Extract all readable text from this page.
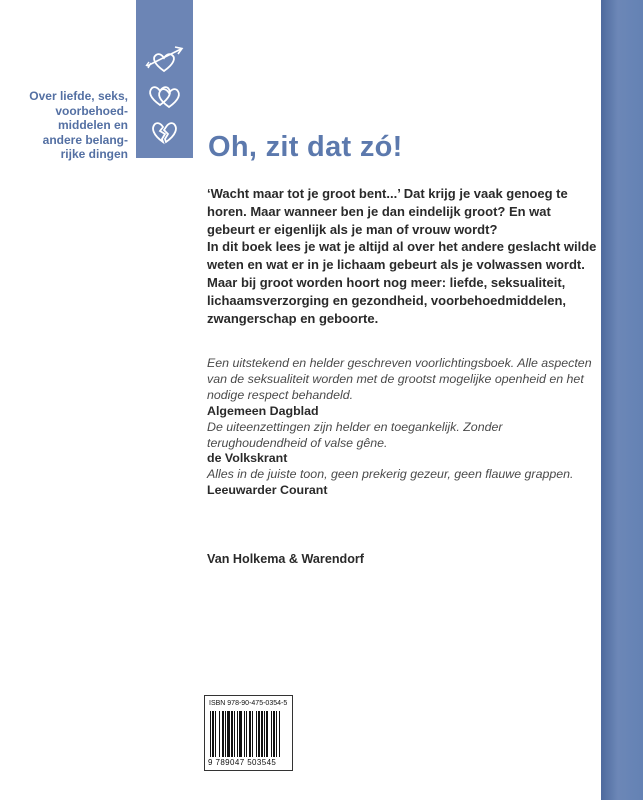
Over liefde, seks,
voorbehoed-
middelen en
andere belang-
rijke dingen	Oh, zit dat zó!

‘Wacht maar tot je groot bent...’ Dat krijg je vaak genoeg te horen. Maar wanneer ben je dan eindelijk groot? En wat gebeurt er eigenlijk als je man of vrouw wordt?

In dit boek lees je wat je altijd al over het andere geslacht wilde weten en wat er in je lichaam gebeurt als je volwassen wordt.

Maar bij groot worden hoort nog meer: liefde, seksualiteit, lichaamsverzorging en gezondheid, voorbehoedmiddelen, zwangerschap en geboorte.

Een uitstekend en helder geschreven voorlichtingsboek. Alle aspecten van de seksualiteit worden met de grootst mogelijke openheid en het nodige respect behandeld.

Algemeen Dagblad

De uiteenzettingen zijn helder en toegankelijk. Zonder terughoudendheid of valse gêne.

de Volkskrant

Alles in de juiste toon, geen prekerig gezeur, geen flauwe grappen.

Leeuwarder Courant

Van Holkema & Warendorf
ISBN 978-90-475-0354-5
9 789047 503545
